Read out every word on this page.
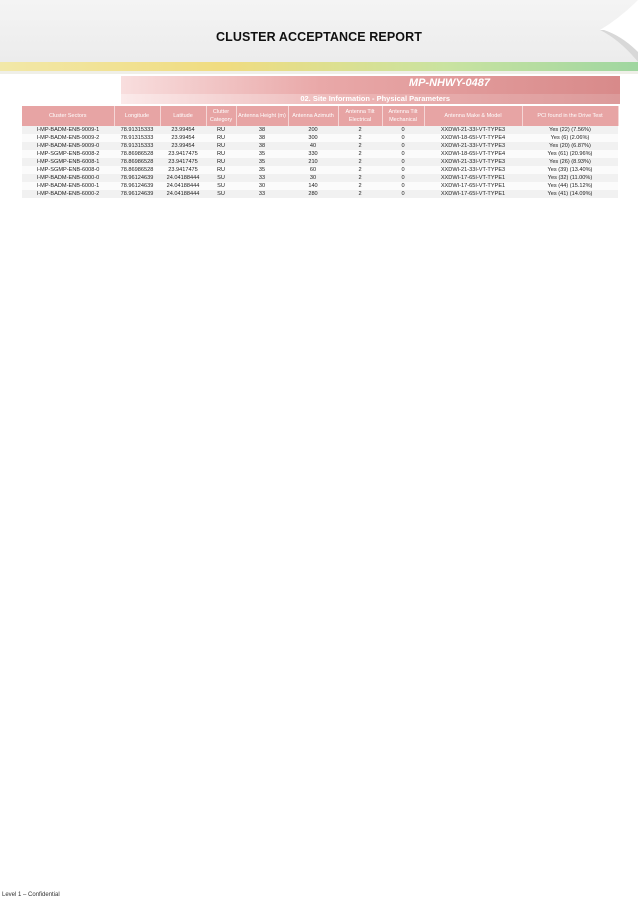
CLUSTER ACCEPTANCE REPORT
MP-NHWY-0487
02. Site Information - Physical Parameters
Cluster Sectors	Longitude	Latitude	Clutter Category	Antenna Height (m)	Antenna Azimuth	Antenna Tilt Electrical	Antenna Tilt Mechanical	Antenna Make & Model	PCI found in the Drive Test
I-MP-BADM-ENB-9009-1	78.91315333	23.99454	RU	38	200	2	0	XXDWI-21-33I-VT-TYPE3	Yes (22) (7.56%)
I-MP-BADM-ENB-9009-2	78.91315333	23.99454	RU	38	300	2	0	XXDWI-18-65I-VT-TYPE4	Yes (6) (2.06%)
I-MP-BADM-ENB-9009-0	78.91315333	23.99454	RU	38	40	2	0	XXDWI-21-33I-VT-TYPE3	Yes (20) (6.87%)
I-MP-SGMP-ENB-6008-2	78.86986528	23.9417475	RU	35	330	2	0	XXDWI-18-65I-VT-TYPE4	Yes (61) (20.96%)
I-MP-SGMP-ENB-6008-1	78.86986528	23.9417475	RU	35	210	2	0	XXDWI-21-33I-VT-TYPE3	Yes (26) (8.93%)
I-MP-SGMP-ENB-6008-0	78.86986528	23.9417475	RU	35	60	2	0	XXDWI-21-33I-VT-TYPE3	Yes (39) (13.40%)
I-MP-BADM-ENB-6000-0	78.96124639	24.04188444	SU	33	30	2	0	XXDWI-17-65I-VT-TYPE1	Yes (32) (11.00%)
I-MP-BADM-ENB-6000-1	78.96124639	24.04188444	SU	30	140	2	0	XXDWI-17-65I-VT-TYPE1	Yes (44) (15.12%)
I-MP-BADM-ENB-6000-2	78.96124639	24.04188444	SU	33	280	2	0	XXDWI-17-65I-VT-TYPE1	Yes (41) (14.09%)
Level 1 – Confidential
